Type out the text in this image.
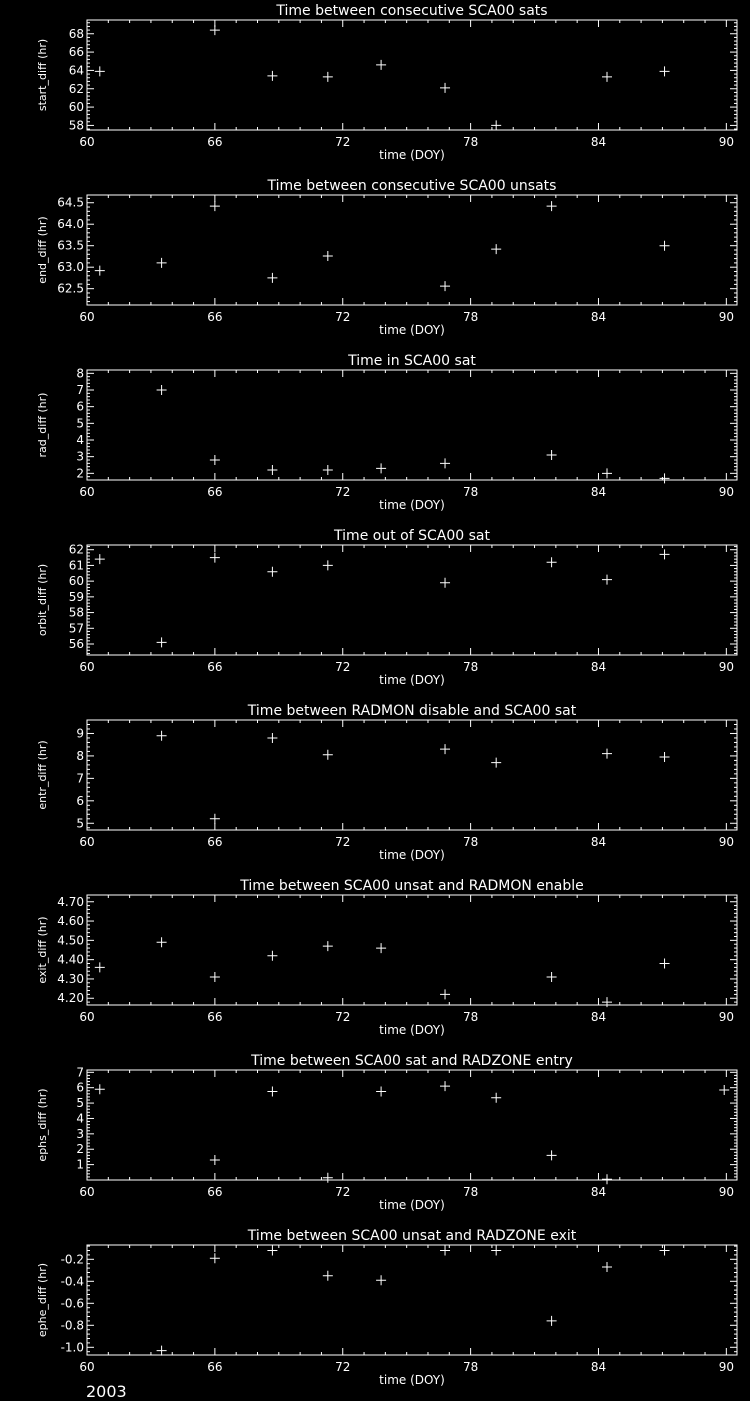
Time between consecutive SCA00 sats
60	66	72	78	84	90
time (DOY)
58
60
62
64
66
68
start_diff (hr)
Time between consecutive SCA00 unsats
60	66	72	78	84	90
time (DOY)
62.5
63.0
63.5
64.0
64.5
end_diff (hr)
Time in SCA00 sat
60	66	72	78	84	90
time (DOY)
2
3
4
5
6
7
8
rad_diff (hr)
Time out of SCA00 sat
60	66	72	78	84	90
time (DOY)
56
57
58
59
60
61
62
orbit_diff (hr)
Time between RADMON disable and SCA00 sat
60	66	72	78	84	90
time (DOY)
5
6
7
8
9
entr_diff (hr)
Time between SCA00 unsat and RADMON enable
60	66	72	78	84	90
time (DOY)
4.20
4.30
4.40
4.50
4.60
4.70
exit_diff (hr)
Time between SCA00 sat and RADZONE entry
60	66	72	78	84	90
time (DOY)
1
2
3
4
5
6
7
ephs_diff (hr)
Time between SCA00 unsat and RADZONE exit
60	66	72	78	84	90
time (DOY)
-1.0
-0.8
-0.6
-0.4
-0.2
ephe_diff (hr)
2003
